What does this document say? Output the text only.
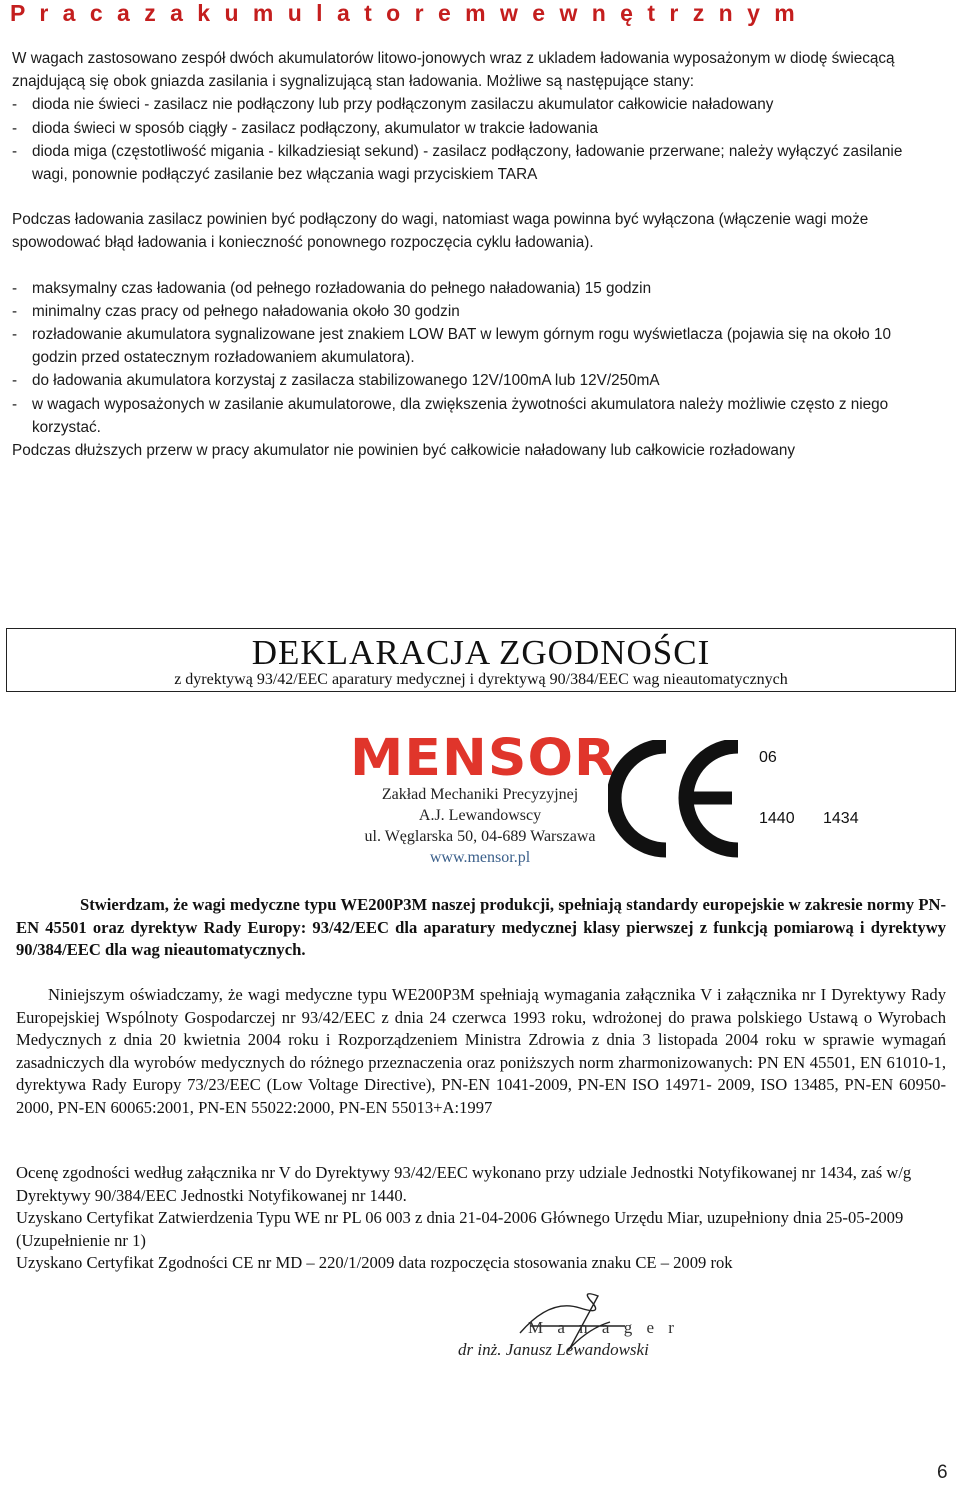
P r a c a z a k u m u l a t o r e m w e w n ę t r z n y m

W wagach zastosowano zespół dwóch akumulatorów litowo-jonowych wraz z ukladem ładowania wyposażonym w diodę świecącą znajdującą się obok gniazda zasilania i sygnalizującą stan ładowania. Możliwe są następujące stany:

- dioda nie świeci - zasilacz nie podłączony lub przy podłączonym zasilaczu akumulator całkowicie naładowany
- dioda świeci w sposób ciągły - zasilacz podłączony, akumulator w trakcie ładowania
- dioda miga (częstotliwość migania - kilkadziesiąt sekund) - zasilacz podłączony, ładowanie przerwane; należy wyłączyć zasilanie wagi, ponownie podłączyć zasilanie bez włączania wagi przyciskiem TARA

Podczas ładowania zasilacz powinien być podłączony do wagi, natomiast waga powinna być wyłączona (włączenie wagi może spowodować błąd ładowania i konieczność ponownego rozpoczęcia cyklu ładowania).

- maksymalny czas ładowania (od pełnego rozładowania do pełnego naładowania) 15 godzin
- minimalny czas pracy od pełnego naładowania około 30 godzin
- rozładowanie akumulatora sygnalizowane jest znakiem LOW BAT w lewym górnym rogu wyświetlacza (pojawia się na około 10 godzin przed ostatecznym rozładowaniem akumulatora).
- do ładowania akumulatora korzystaj z zasilacza stabilizowanego 12V/100mA lub 12V/250mA
- w wagach wyposażonych w zasilanie akumulatorowe, dla zwiększenia żywotności akumulatora należy możliwie często z niego korzystać.

Podczas dłuższych przerw w pracy akumulator nie powinien być całkowicie naładowany lub całkowicie rozładowany

DEKLARACJA ZGODNOŚCI
z dyrektywą 93/42/EEC aparatury medycznej i dyrektywą 90/384/EEC wag nieautomatycznych
MENSOR
Zakład Mechaniki Precyzyjnej
A.J. Lewandowscy
ul. Węglarska 50, 04-689 Warszawa
www.mensor.pl
06
1440 1434

Stwierdzam, że wagi medyczne typu WE200P3M naszej produkcji, spełniają standardy europejskie w zakresie normy PN-EN 45501 oraz dyrektyw Rady Europy: 93/42/EEC dla aparatury medycznej klasy pierwszej z funkcją pomiarową i dyrektywy 90/384/EEC dla wag nieautomatycznych.

Niniejszym oświadczamy, że wagi medyczne typu WE200P3M spełniają wymagania załącznika V i załącznika nr I Dyrektywy Rady Europejskiej Wspólnoty Gospodarczej nr 93/42/EEC z dnia 24 czerwca 1993 roku, wdrożonej do prawa polskiego Ustawą o Wyrobach Medycznych z dnia 20 kwietnia 2004 roku i Rozporządzeniem Ministra Zdrowia z dnia 3 listopada 2004 roku w sprawie wymagań zasadniczych dla wyrobów medycznych do różnego przeznaczenia oraz poniższych norm zharmonizowanych: PN EN 45501, EN 61010-1, dyrektywa Rady Europy 73/23/EEC (Low Voltage Directive), PN-EN 1041-2009, PN-EN ISO 14971- 2009, ISO 13485, PN-EN 60950-2000, PN-EN 60065:2001, PN-EN 55022:2000, PN-EN 55013+A:1997

Ocenę zgodności według załącznika nr V do Dyrektywy 93/42/EEC wykonano przy udziale Jednostki Notyfikowanej nr 1434, zaś w/g Dyrektywy 90/384/EEC Jednostki Notyfikowanej nr 1440.

Uzyskano Certyfikat Zatwierdzenia Typu WE nr PL 06 003 z dnia 21-04-2006 Głównego Urzędu Miar, uzupełniony dnia 25-05-2009 (Uzupełnienie nr 1)

Uzyskano Certyfikat Zgodności CE nr MD – 220/1/2009 data rozpoczęcia stosowania znaku CE – 2009 rok

M a n a g e r
dr inż. Janusz Lewandowski
6
